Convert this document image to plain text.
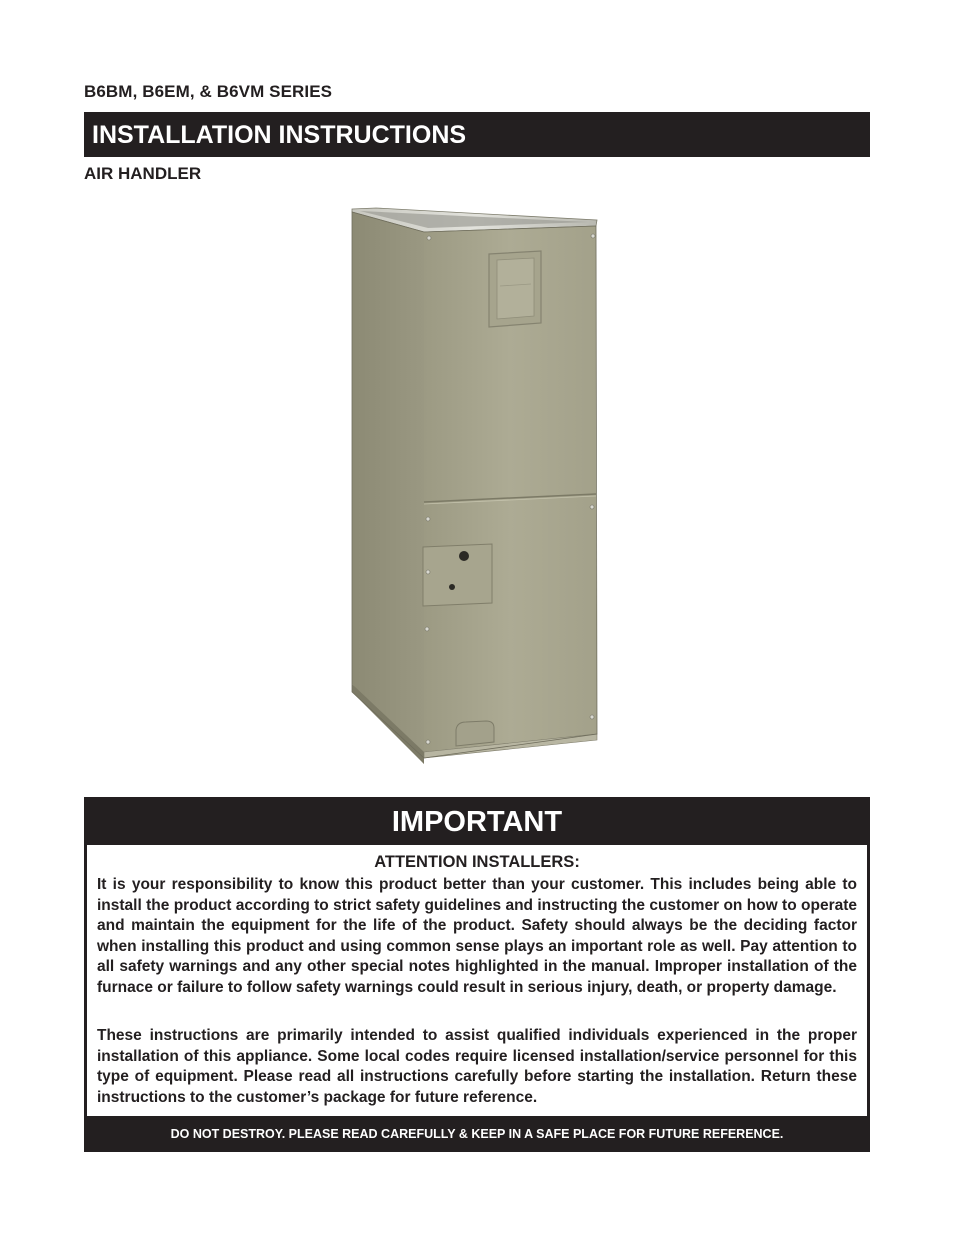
B6BM, B6EM, & B6VM SERIES
INSTALLATION INSTRUCTIONS
AIR HANDLER
IMPORTANT
ATTENTION INSTALLERS:

It is your responsibility to know this product better than your customer. This includes being able to install the product according to strict safety guidelines and instructing the customer on how to operate and maintain the equipment for the life of the product. Safety should always be the deciding factor when installing this product and using common sense plays an important role as well. Pay attention to all safety warnings and any other special notes highlighted in the manual. Improper installation of the furnace or failure to follow safety warnings could result in serious injury, death, or property damage.

These instructions are primarily intended to assist qualified individuals experienced in the proper installation of this appliance. Some local codes require licensed installation/service personnel for this type of equipment. Please read all instructions carefully before starting the installation. Return these instructions to the customer’s package for future reference.

DO NOT DESTROY. PLEASE READ CAREFULLY & KEEP IN A SAFE PLACE FOR FUTURE REFERENCE.
